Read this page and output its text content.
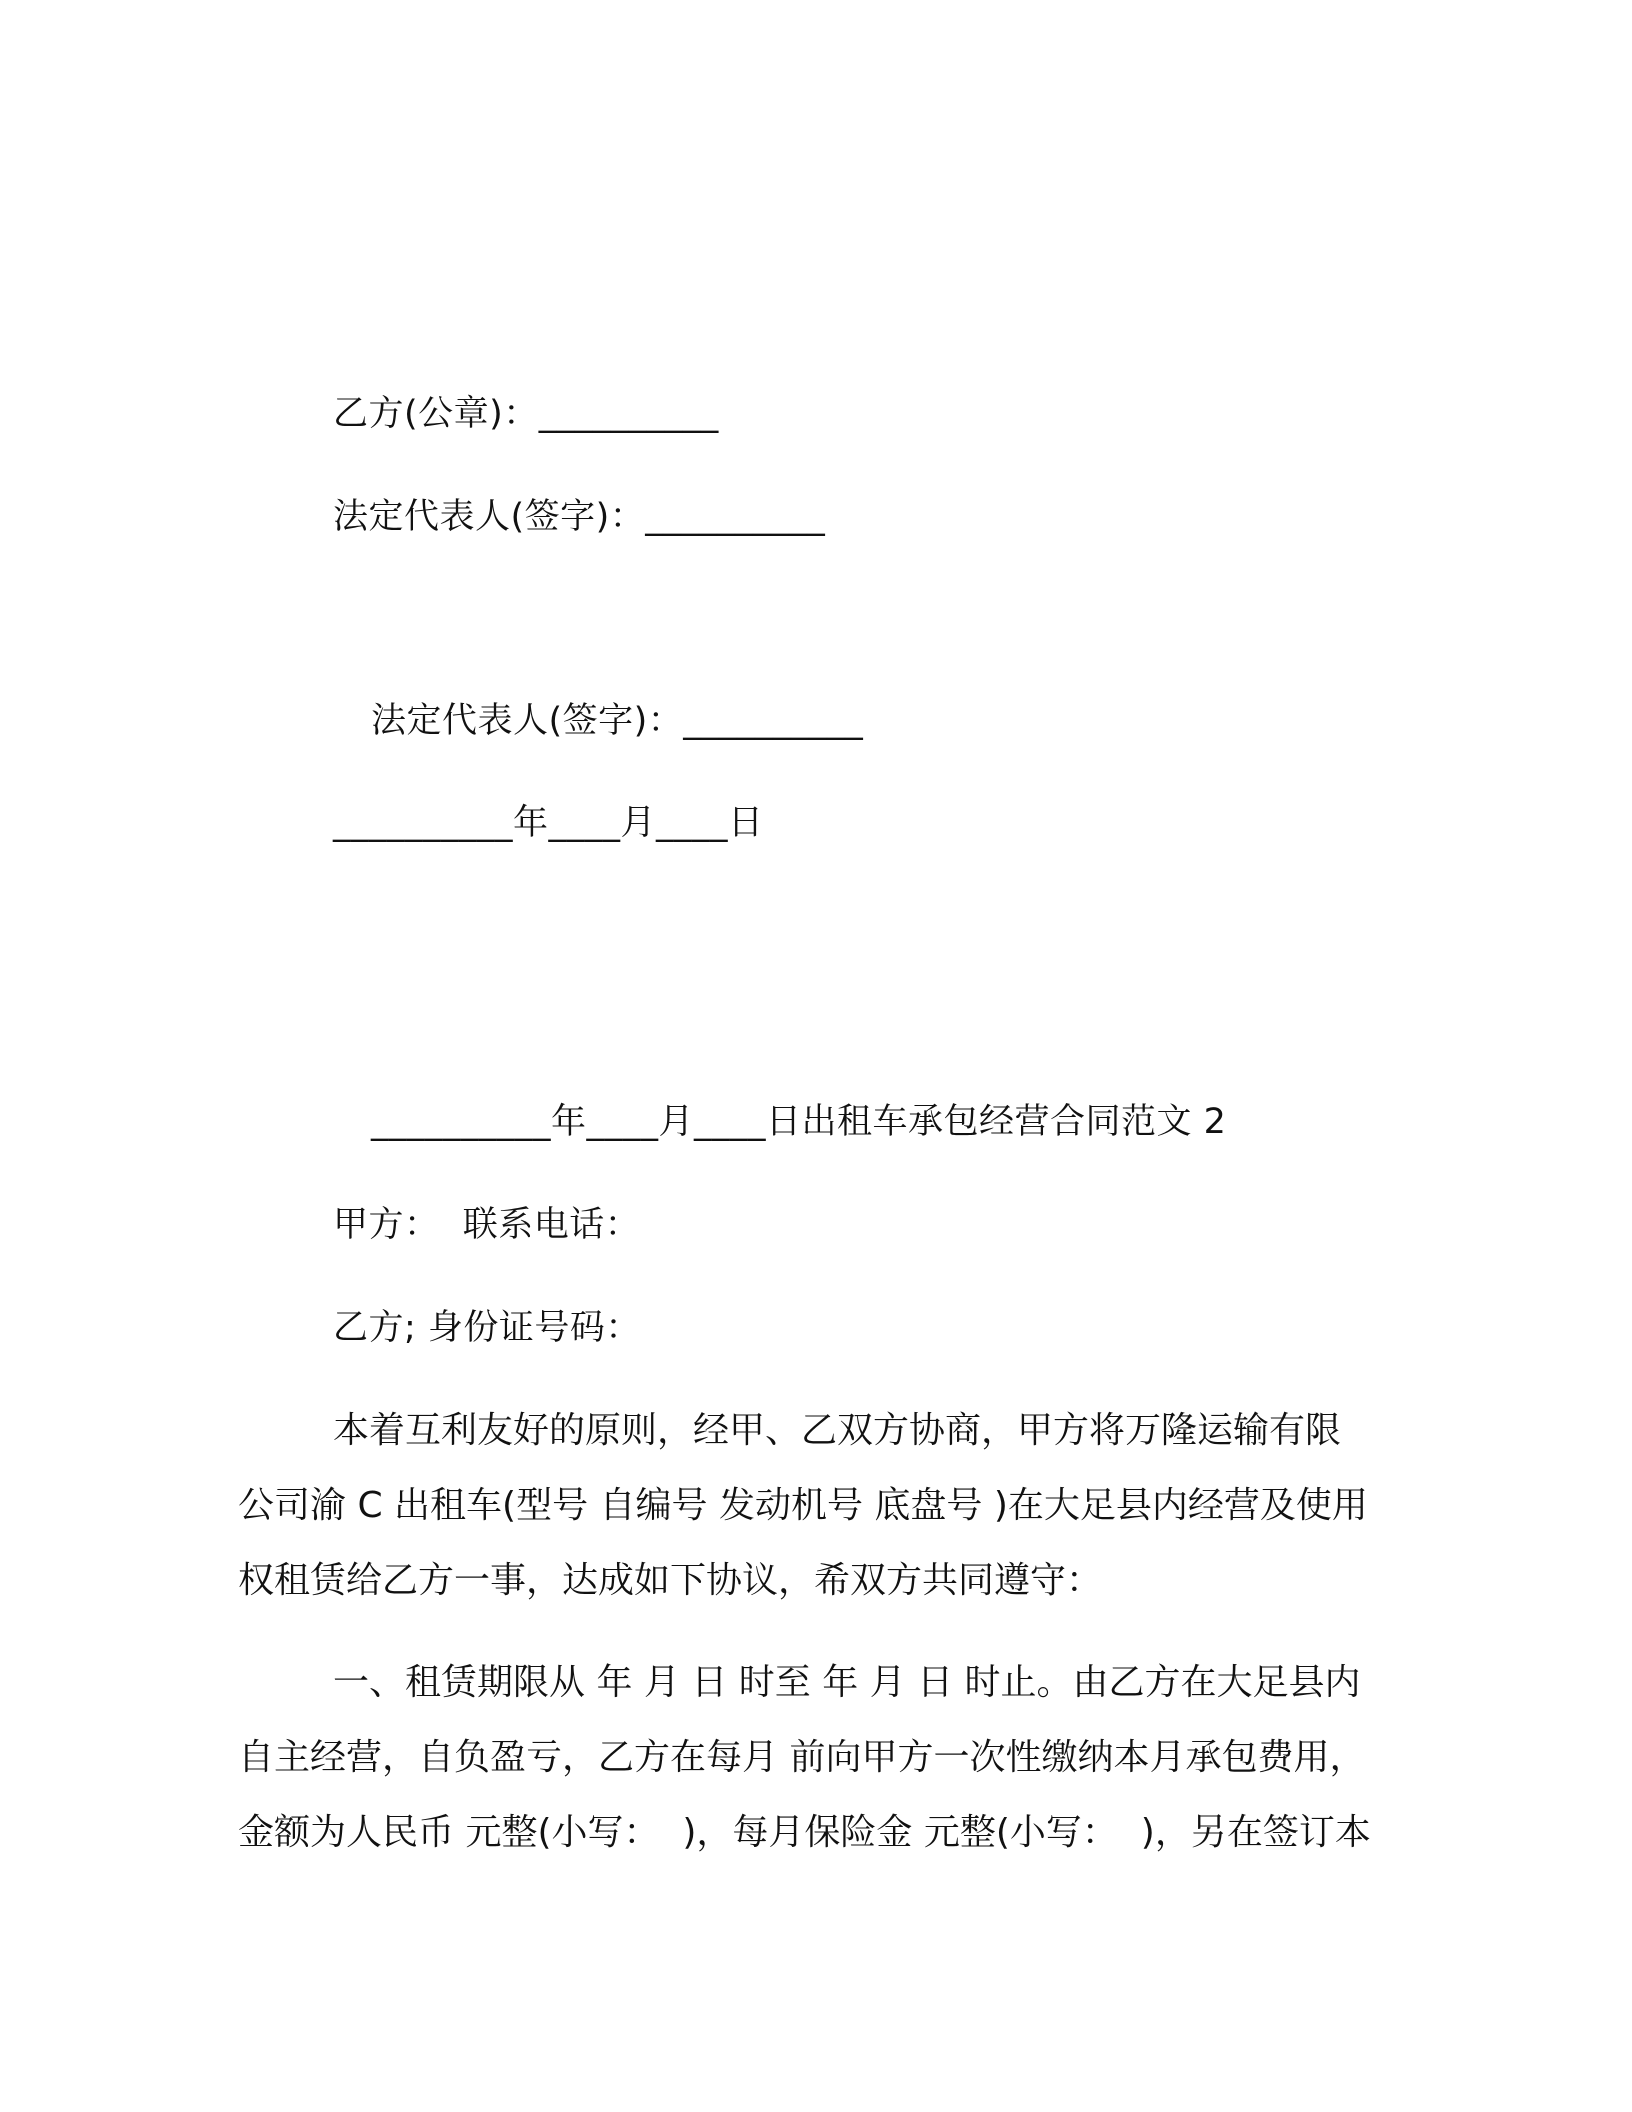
乙方(公章)：__________
法定代表人(签字)：__________
法定代表人(签字)：__________
__________年____月____日
__________年____月____日出租车承包经营合同范文 2
甲方：  联系电话：
乙方; 身份证号码：
本着互利友好的原则，经甲、乙双方协商，甲方将万隆运输有限
公司渝 C 出租车(型号 自编号 发动机号 底盘号 )在大足县内经营及使用
权租赁给乙方一事，达成如下协议，希双方共同遵守：
一、租赁期限从 年 月 日 时至 年 月 日 时止。由乙方在大足县内
自主经营，自负盈亏，乙方在每月 前向甲方一次性缴纳本月承包费用，
金额为人民币 元整(小写：  )，每月保险金 元整(小写：  )，另在签订本
